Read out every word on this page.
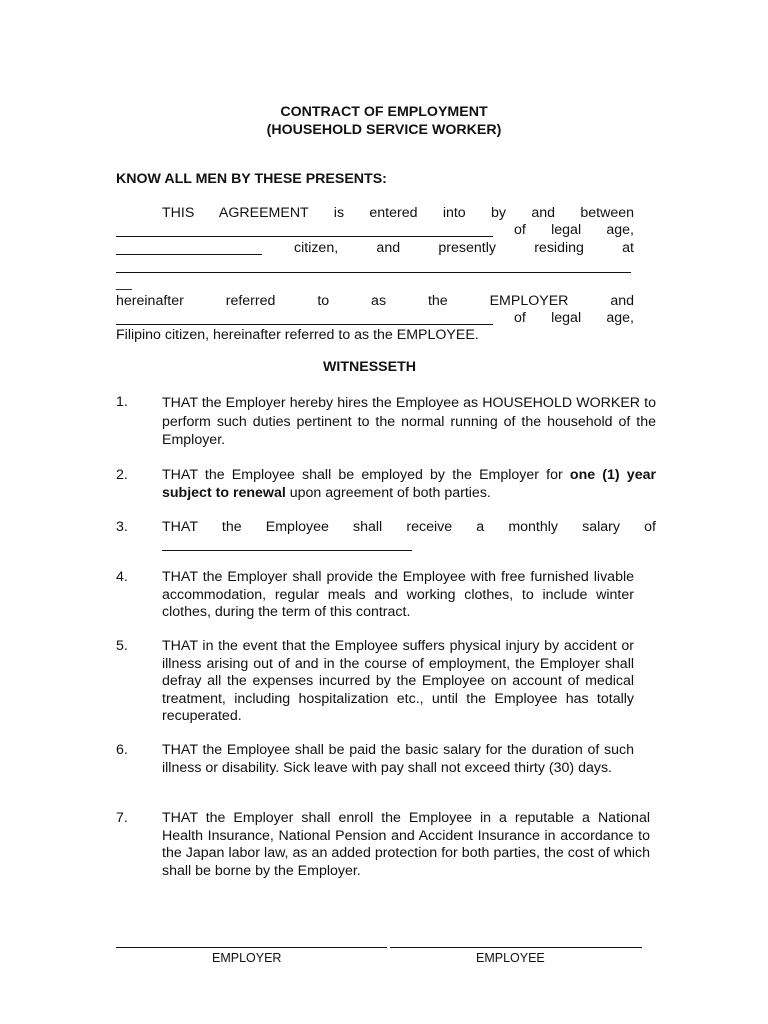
CONTRACT OF EMPLOYMENT
(HOUSEHOLD SERVICE WORKER)
KNOW ALL MEN BY THESE PRESENTS:
THIS AGREEMENT is entered into by and between
of legal age,
citizen, and presently residing at
__
hereinafter referred to as the EMPLOYER and
of legal age,
Filipino citizen, hereinafter referred to as the EMPLOYEE.
WITNESSETH
1. THAT the Employer hereby hires the Employee as HOUSEHOLD WORKER to perform such duties pertinent to the normal running of the household of the Employer.
2. THAT the Employee shall be employed by the Employer for one (1) year subject to renewal upon agreement of both parties.
3. THAT the Employee shall receive a monthly salary of
4. THAT the Employer shall provide the Employee with free furnished livable accommodation, regular meals and working clothes, to include winter clothes, during the term of this contract.
5. THAT in the event that the Employee suffers physical injury by accident or illness arising out of and in the course of employment, the Employer shall defray all the expenses incurred by the Employee on account of medical treatment, including hospitalization etc., until the Employee has totally recuperated.
6. THAT the Employee shall be paid the basic salary for the duration of such illness or disability. Sick leave with pay shall not exceed thirty (30) days.
7. THAT the Employer shall enroll the Employee in a reputable a National Health Insurance, National Pension and Accident Insurance in accordance to the Japan labor law, as an added protection for both parties, the cost of which shall be borne by the Employer.
EMPLOYER	EMPLOYEE
